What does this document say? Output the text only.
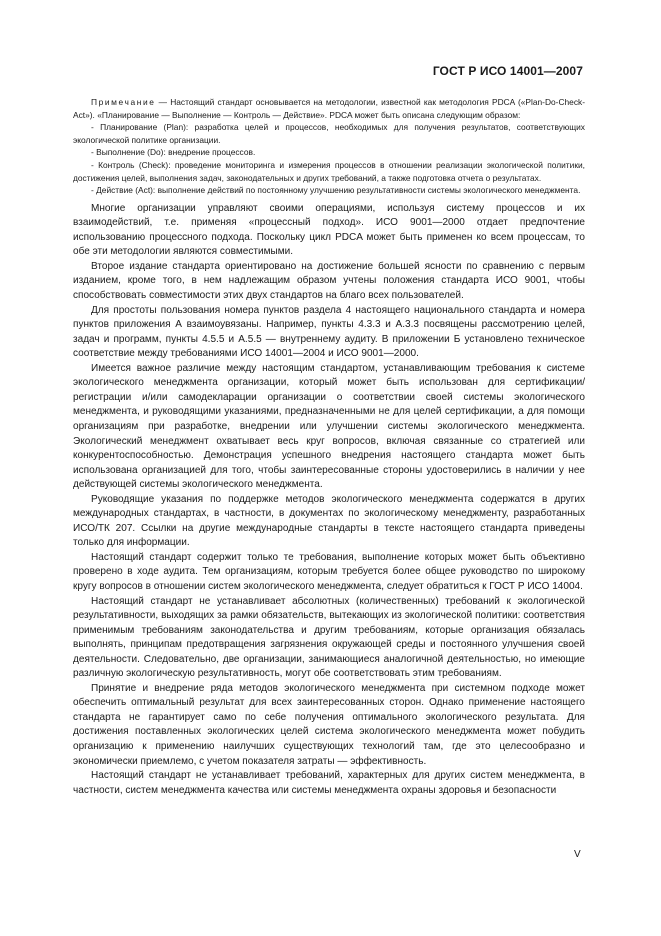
ГОСТ Р ИСО 14001—2007

Примечание — Настоящий стандарт основывается на методологии, известной как методология PDCA («Plan-Do-Check-Act»). «Планирование — Выполнение — Контроль — Действие». PDCA может быть описана следующим образом:

- Планирование (Plan): разработка целей и процессов, необходимых для получения результатов, соответствующих экологической политике организации.

- Выполнение (Do): внедрение процессов.

- Контроль (Check): проведение мониторинга и измерения процессов в отношении реализации экологической политики, достижения целей, выполнения задач, законодательных и других требований, а также подготовка отчета о результатах.

- Действие (Act): выполнение действий по постоянному улучшению результативности системы экологического менеджмента.

Многие организации управляют своими операциями, используя систему процессов и их взаимодействий, т.е. применяя «процессный подход». ИСО 9001—2000 отдает предпочтение использованию процессного подхода. Поскольку цикл PDCA может быть применен ко всем процессам, то обе эти методологии являются совместимыми.

Второе издание стандарта ориентировано на достижение большей ясности по сравнению с первым изданием, кроме того, в нем надлежащим образом учтены положения стандарта ИСО 9001, чтобы способствовать совместимости этих двух стандартов на благо всех пользователей.

Для простоты пользования номера пунктов раздела 4 настоящего национального стандарта и номера пунктов приложения А взаимоувязаны. Например, пункты 4.3.3 и А.3.3 посвящены рассмотрению целей, задач и программ, пункты 4.5.5 и А.5.5 — внутреннему аудиту. В приложении Б установлено техническое соответствие между требованиями ИСО 14001—2004 и ИСО 9001—2000.

Имеется важное различие между настоящим стандартом, устанавливающим требования к системе экологического менеджмента организации, который может быть использован для сертификации/регистрации и/или самодекларации организации о соответствии своей системы экологического менеджмента, и руководящими указаниями, предназначенными не для целей сертификации, а для помощи организациям при разработке, внедрении или улучшении системы экологического менеджмента. Экологический менеджмент охватывает весь круг вопросов, включая связанные со стратегией или конкурентоспособностью. Демонстрация успешного внедрения настоящего стандарта может быть использована организацией для того, чтобы заинтересованные стороны удостоверились в наличии у нее действующей системы экологического менеджмента.

Руководящие указания по поддержке методов экологического менеджмента содержатся в других международных стандартах, в частности, в документах по экологическому менеджменту, разработанных ИСО/ТК 207. Ссылки на другие международные стандарты в тексте настоящего стандарта приведены только для информации.

Настоящий стандарт содержит только те требования, выполнение которых может быть объективно проверено в ходе аудита. Тем организациям, которым требуется более общее руководство по широкому кругу вопросов в отношении систем экологического менеджмента, следует обратиться к ГОСТ Р ИСО 14004.

Настоящий стандарт не устанавливает абсолютных (количественных) требований к экологической результативности, выходящих за рамки обязательств, вытекающих из экологической политики: соответствия применимым требованиям законодательства и другим требованиям, которые организация обязалась выполнять, принципам предотвращения загрязнения окружающей среды и постоянного улучшения своей деятельности. Следовательно, две организации, занимающиеся аналогичной деятельностью, но имеющие различную экологическую результативность, могут обе соответствовать этим требованиям.

Принятие и внедрение ряда методов экологического менеджмента при системном подходе может обеспечить оптимальный результат для всех заинтересованных сторон. Однако применение настоящего стандарта не гарантирует само по себе получения оптимального экологического результата. Для достижения поставленных экологических целей система экологического менеджмента может побудить организацию к применению наилучших существующих технологий там, где это целесообразно и экономически приемлемо, с учетом показателя затраты — эффективность.

Настоящий стандарт не устанавливает требований, характерных для других систем менеджмента, в частности, систем менеджмента качества или системы менеджмента охраны здоровья и безопасности

V
